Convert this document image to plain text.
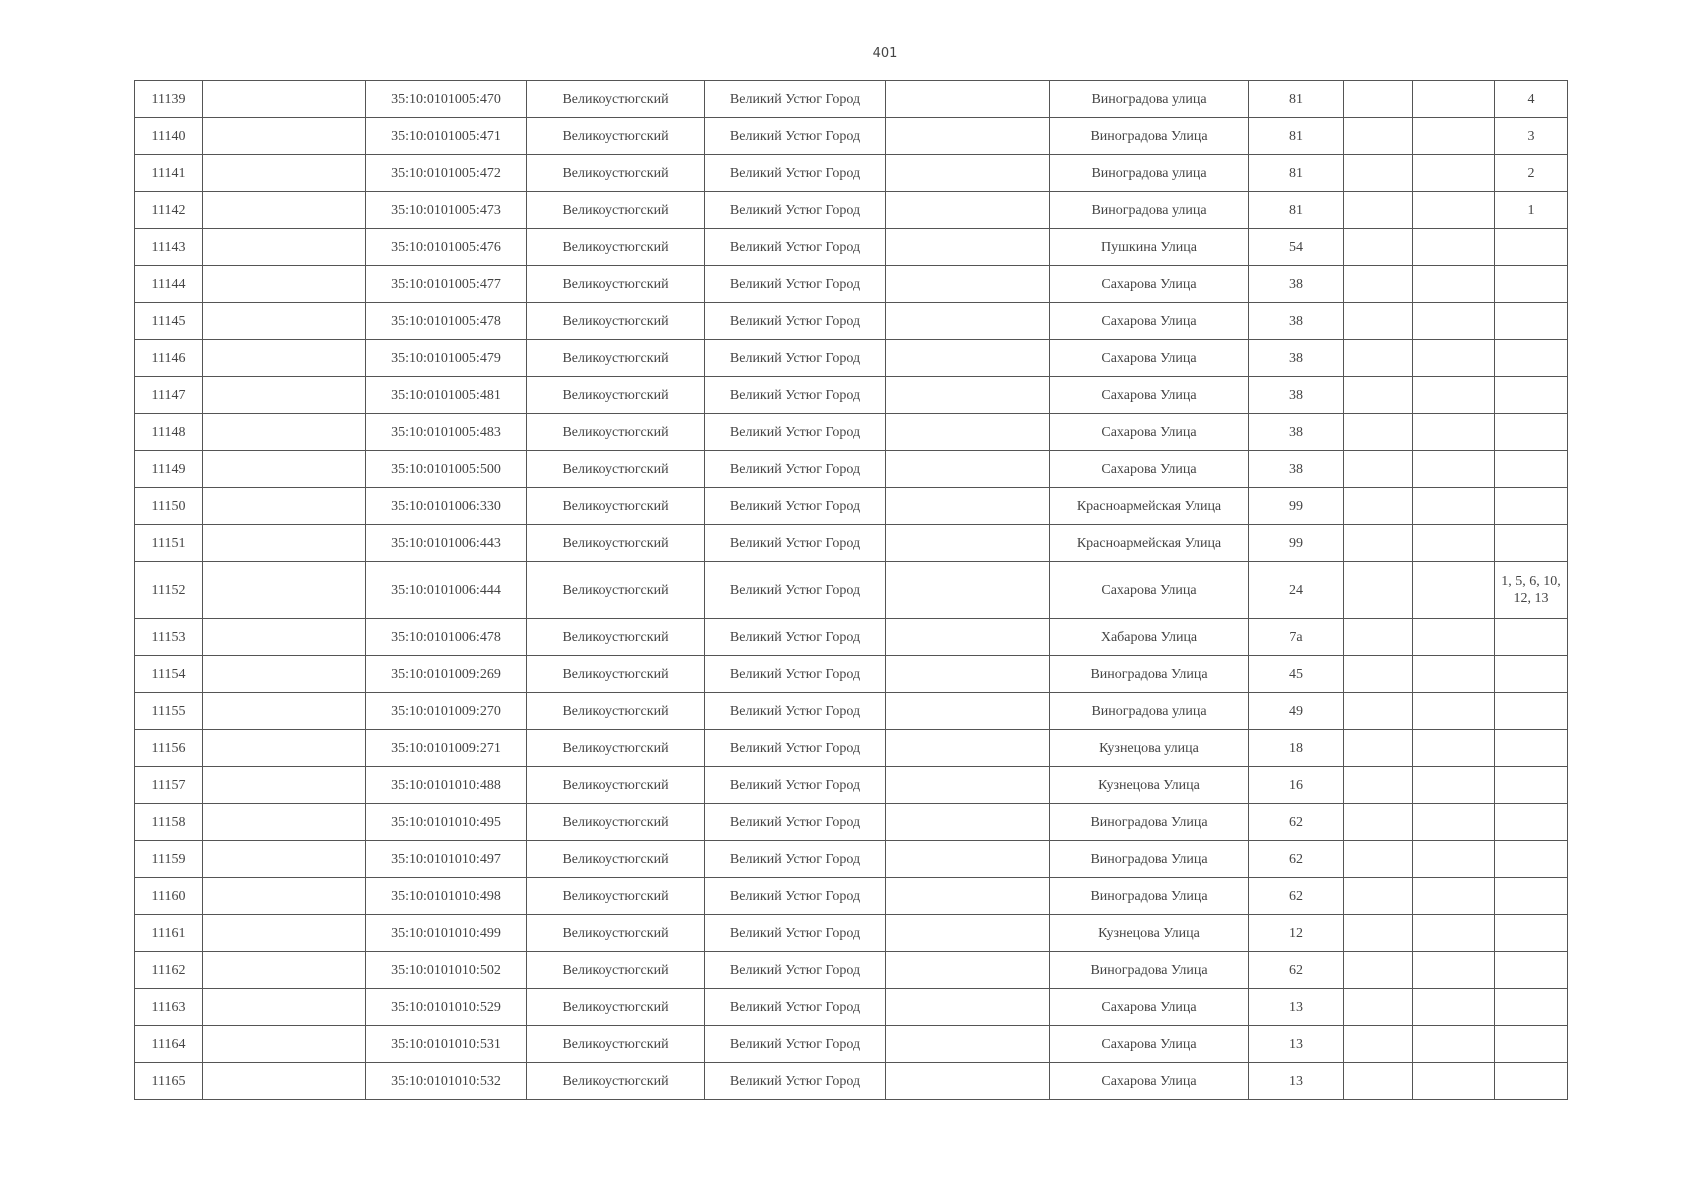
401
11139		35:10:0101005:470	Великоустюгский	Великий Устюг Город		Виноградова улица	81			4
11140		35:10:0101005:471	Великоустюгский	Великий Устюг Город		Виноградова Улица	81			3
11141		35:10:0101005:472	Великоустюгский	Великий Устюг Город		Виноградова улица	81			2
11142		35:10:0101005:473	Великоустюгский	Великий Устюг Город		Виноградова улица	81			1
11143		35:10:0101005:476	Великоустюгский	Великий Устюг Город		Пушкина Улица	54			
11144		35:10:0101005:477	Великоустюгский	Великий Устюг Город		Сахарова Улица	38			
11145		35:10:0101005:478	Великоустюгский	Великий Устюг Город		Сахарова Улица	38			
11146		35:10:0101005:479	Великоустюгский	Великий Устюг Город		Сахарова Улица	38			
11147		35:10:0101005:481	Великоустюгский	Великий Устюг Город		Сахарова Улица	38			
11148		35:10:0101005:483	Великоустюгский	Великий Устюг Город		Сахарова Улица	38			
11149		35:10:0101005:500	Великоустюгский	Великий Устюг Город		Сахарова Улица	38			
11150		35:10:0101006:330	Великоустюгский	Великий Устюг Город		Красноармейская Улица	99			
11151		35:10:0101006:443	Великоустюгский	Великий Устюг Город		Красноармейская Улица	99			
11152		35:10:0101006:444	Великоустюгский	Великий Устюг Город		Сахарова Улица	24			1, 5, 6, 10, 12, 13
11153		35:10:0101006:478	Великоустюгский	Великий Устюг Город		Хабарова Улица	7а			
11154		35:10:0101009:269	Великоустюгский	Великий Устюг Город		Виноградова Улица	45			
11155		35:10:0101009:270	Великоустюгский	Великий Устюг Город		Виноградова улица	49			
11156		35:10:0101009:271	Великоустюгский	Великий Устюг Город		Кузнецова улица	18			
11157		35:10:0101010:488	Великоустюгский	Великий Устюг Город		Кузнецова Улица	16			
11158		35:10:0101010:495	Великоустюгский	Великий Устюг Город		Виноградова Улица	62			
11159		35:10:0101010:497	Великоустюгский	Великий Устюг Город		Виноградова Улица	62			
11160		35:10:0101010:498	Великоустюгский	Великий Устюг Город		Виноградова Улица	62			
11161		35:10:0101010:499	Великоустюгский	Великий Устюг Город		Кузнецова Улица	12			
11162		35:10:0101010:502	Великоустюгский	Великий Устюг Город		Виноградова Улица	62			
11163		35:10:0101010:529	Великоустюгский	Великий Устюг Город		Сахарова Улица	13			
11164		35:10:0101010:531	Великоустюгский	Великий Устюг Город		Сахарова Улица	13			
11165		35:10:0101010:532	Великоустюгский	Великий Устюг Город		Сахарова Улица	13			
